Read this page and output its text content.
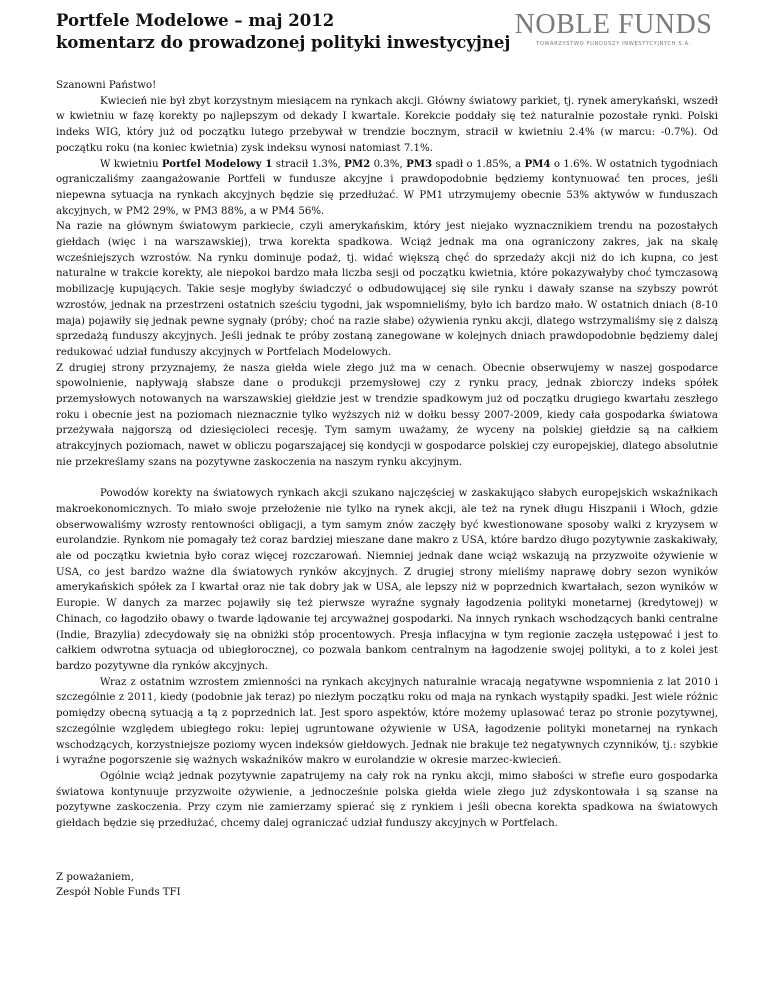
Portfele Modelowe – maj 2012
komentarz do prowadzonej polityki inwestycyjnej
NOBLE FUNDS
TOWARZYSTWO FUNDUSZY INWESTYCYJNYCH S.A.

Szanowni Państwo!

Kwiecień nie był zbyt korzystnym miesiącem na rynkach akcji. Główny światowy parkiet, tj. rynek amerykański, wszedł w kwietniu w fazę korekty po najlepszym od dekady I kwartale. Korekcie poddały się też naturalnie pozostałe rynki. Polski indeks WIG, który już od początku lutego przebywał w trendzie bocznym, stracił w kwietniu 2.4% (w marcu: -0.7%). Od początku roku (na koniec kwietnia) zysk indeksu wynosi natomiast 7.1%.

W kwietniu Portfel Modelowy 1 stracił 1.3%, PM2 0.3%, PM3 spadł o 1.85%, a PM4 o 1.6%. W ostatnich tygodniach ograniczaliśmy zaangażowanie Portfeli w fundusze akcyjne i prawdopodobnie będziemy kontynuować ten proces, jeśli niepewna sytuacja na rynkach akcyjnych będzie się przedłużać. W PM1 utrzymujemy obecnie 53% aktywów w funduszach akcyjnych, w PM2 29%, w PM3 88%, a w PM4 56%.

Na razie na głównym światowym parkiecie, czyli amerykańskim, który jest niejako wyznacznikiem trendu na pozostałych giełdach (więc i na warszawskiej), trwa korekta spadkowa. Wciąż jednak ma ona ograniczony zakres, jak na skalę wcześniejszych wzrostów. Na rynku dominuje podaż, tj. widać większą chęć do sprzedaży akcji niż do ich kupna, co jest naturalne w trakcie korekty, ale niepokoi bardzo mała liczba sesji od początku kwietnia, które pokazywałyby choć tymczasową mobilizację kupujących. Takie sesje mogłyby świadczyć o odbudowującej się sile rynku i dawały szanse na szybszy powrót wzrostów, jednak na przestrzeni ostatnich sześciu tygodni, jak wspomnieliśmy, było ich bardzo mało. W ostatnich dniach (8-10 maja) pojawiły się jednak pewne sygnały (próby; choć na razie słabe) ożywienia rynku akcji, dlatego wstrzymaliśmy się z dalszą sprzedażą funduszy akcyjnych. Jeśli jednak te próby zostaną zanegowane w kolejnych dniach prawdopodobnie będziemy dalej redukować udział funduszy akcyjnych w Portfelach Modelowych.

Z drugiej strony przyznajemy, że nasza giełda wiele złego już ma w cenach. Obecnie obserwujemy w naszej gospodarce spowolnienie, napływają słabsze dane o produkcji przemysłowej czy z rynku pracy, jednak zbiorczy indeks spółek przemysłowych notowanych na warszawskiej giełdzie jest w trendzie spadkowym już od początku drugiego kwartału zeszłego roku i obecnie jest na poziomach nieznacznie tylko wyższych niż w dołku bessy 2007-2009, kiedy cała gospodarka światowa przeżywała najgorszą od dziesięcioleci recesję. Tym samym uważamy, że wyceny na polskiej giełdzie są na całkiem atrakcyjnych poziomach, nawet w obliczu pogarszającej się kondycji w gospodarce polskiej czy europejskiej, dlatego absolutnie nie przekreślamy szans na pozytywne zaskoczenia na naszym rynku akcyjnym.

Powodów korekty na światowych rynkach akcji szukano najczęściej w zaskakująco słabych europejskich wskaźnikach makroekonomicznych. To miało swoje przełożenie nie tylko na rynek akcji, ale też na rynek długu Hiszpanii i Włoch, gdzie obserwowaliśmy wzrosty rentowności obligacji, a tym samym znów zaczęły być kwestionowane sposoby walki z kryzysem w eurolandzie. Rynkom nie pomagały też coraz bardziej mieszane dane makro z USA, które bardzo długo pozytywnie zaskakiwały, ale od początku kwietnia było coraz więcej rozczarowań. Niemniej jednak dane wciąż wskazują na przyzwoite ożywienie w USA, co jest bardzo ważne dla światowych rynków akcyjnych. Z drugiej strony mieliśmy naprawę dobry sezon wyników amerykańskich spółek za I kwartał oraz nie tak dobry jak w USA, ale lepszy niż w poprzednich kwartałach, sezon wyników w Europie. W danych za marzec pojawiły się też pierwsze wyraźne sygnały łagodzenia polityki monetarnej (kredytowej) w Chinach, co łagodziło obawy o twarde lądowanie tej arcyważnej gospodarki. Na innych rynkach wschodzących banki centralne (Indie, Brazylia) zdecydowały się na obniżki stóp procentowych. Presja inflacyjna w tym regionie zaczęła ustępować i jest to całkiem odwrotna sytuacja od ubiegłorocznej, co pozwala bankom centralnym na łagodzenie swojej polityki, a to z kolei jest bardzo pozytywne dla rynków akcyjnych.

Wraz z ostatnim wzrostem zmienności na rynkach akcyjnych naturalnie wracają negatywne wspomnienia z lat 2010 i szczególnie z 2011, kiedy (podobnie jak teraz) po niezłym początku roku od maja na rynkach wystąpiły spadki. Jest wiele różnic pomiędzy obecną sytuacją a tą z poprzednich lat. Jest sporo aspektów, które możemy uplasować teraz po stronie pozytywnej, szczególnie względem ubiegłego roku: lepiej ugruntowane ożywienie w USA, łagodzenie polityki monetarnej na rynkach wschodzących, korzystniejsze poziomy wycen indeksów giełdowych. Jednak nie brakuje też negatywnych czynników, tj.: szybkie i wyraźne pogorszenie się ważnych wskaźników makro w eurolandzie w okresie marzec-kwiecień.

Ogólnie wciąż jednak pozytywnie zapatrujemy na cały rok na rynku akcji, mimo słabości w strefie euro gospodarka światowa kontynuuje przyzwoite ożywienie, a jednocześnie polska giełda wiele złego już zdyskontowała i są szanse na pozytywne zaskoczenia. Przy czym nie zamierzamy spierać się z rynkiem i jeśli obecna korekta spadkowa na światowych giełdach będzie się przedłużać, chcemy dalej ograniczać udział funduszy akcyjnych w Portfelach.

Z poważaniem,
Zespół Noble Funds TFI
